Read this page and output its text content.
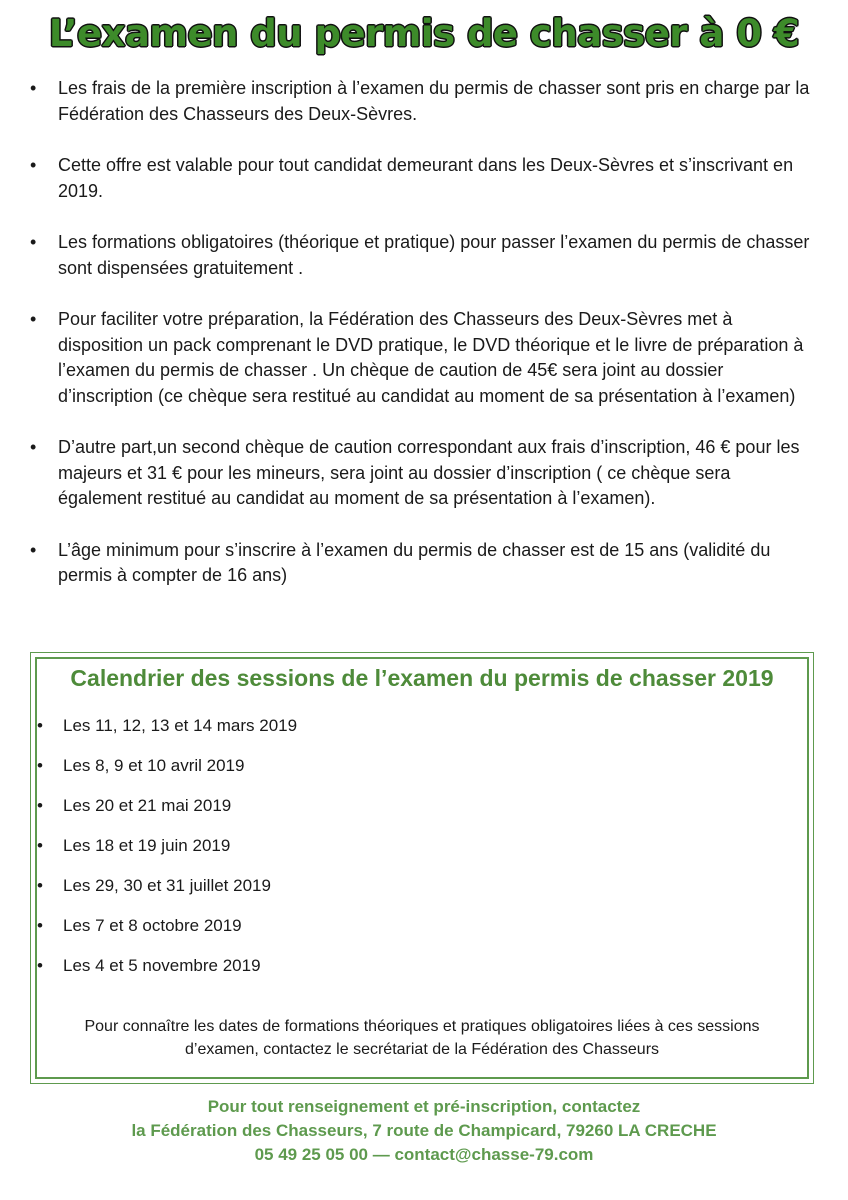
L’examen du permis de chasser à 0 €
• Les frais de la première inscription à l’examen du permis de chasser sont pris en charge par la Fédération des Chasseurs des Deux-Sèvres.
• Cette offre est valable pour tout candidat demeurant dans les Deux-Sèvres et s’inscrivant en 2019.
• Les formations obligatoires (théorique et pratique) pour passer l’examen du permis de chasser sont dispensées gratuitement .
• Pour faciliter votre préparation, la Fédération des Chasseurs des Deux-Sèvres met à disposition un pack comprenant le DVD pratique, le DVD théorique et le livre de préparation à l’examen du permis de chasser . Un chèque de caution de 45€ sera joint au dossier d’inscription (ce chèque sera restitué au candidat au moment de sa présentation à l’examen)
• D’autre part,un second chèque de caution correspondant aux frais d’inscription, 46 € pour les majeurs et 31 € pour les mineurs, sera joint au dossier d’inscription ( ce chèque sera également restitué au candidat au moment de sa présentation à l’examen).
• L’âge minimum pour s’inscrire à l’examen du permis de chasser est de 15 ans (validité du permis à compter de 16 ans)
Calendrier des sessions de l’examen du permis de chasser 2019
• Les 11, 12, 13 et 14 mars 2019
• Les 8, 9 et 10 avril 2019
• Les 20 et 21 mai 2019
• Les 18 et 19 juin 2019
• Les 29, 30 et 31 juillet 2019
• Les 7 et 8 octobre 2019
• Les 4 et 5 novembre 2019
Pour connaître les dates de formations théoriques et pratiques obligatoires liées à ces sessions d’examen, contactez le secrétariat de la Fédération des Chasseurs
Pour tout renseignement et pré-inscription, contactez
la Fédération des Chasseurs, 7 route de Champicard, 79260 LA CRECHE
05 49 25 05 00 — contact@chasse-79.com
